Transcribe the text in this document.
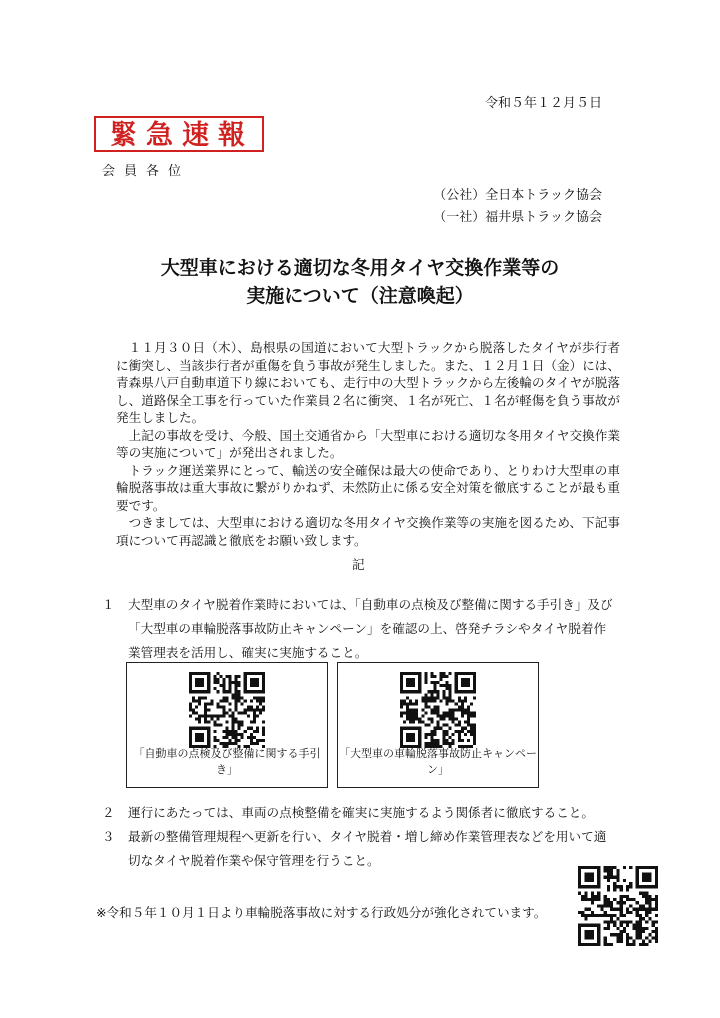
令和５年１２月５日
緊急速報
会員各位
（公社）全日本トラック協会
（一社）福井県トラック協会
大型車における適切な冬用タイヤ交換作業等の
実施について（注意喚起）

１１月３０日（木）、島根県の国道において大型トラックから脱落したタイヤが歩行者に衝突し、当該歩行者が重傷を負う事故が発生しました。また、１２月１日（金）には、青森県八戸自動車道下り線においても、走行中の大型トラックから左後輪のタイヤが脱落し、道路保全工事を行っていた作業員２名に衝突、１名が死亡、１名が軽傷を負う事故が発生しました。

上記の事故を受け、今般、国土交通省から「大型車における適切な冬用タイヤ交換作業等の実施について」が発出されました。

トラック運送業界にとって、輸送の安全確保は最大の使命であり、とりわけ大型車の車輪脱落事故は重大事故に繋がりかねず、未然防止に係る安全対策を徹底することが最も重要です。

つきましては、大型車における適切な冬用タイヤ交換作業等の実施を図るため、下記事項について再認識と徹底をお願い致します。

記
１ 大型車のタイヤ脱着作業時においては、「自動車の点検及び整備に関する手引き」及び「大型車の車輪脱落事故防止キャンペーン」を確認の上、啓発チラシやタイヤ脱着作業管理表を活用し、確実に実施すること。
「自動車の点検及び整備に関する手引き」
「大型車の車輪脱落事故防止キャンペーン」
２ 運行にあたっては、車両の点検整備を確実に実施するよう関係者に徹底すること。
３ 最新の整備管理規程へ更新を行い、タイヤ脱着・増し締め作業管理表などを用いて適切なタイヤ脱着作業や保守管理を行うこと。
※令和５年１０月１日より車輪脱落事故に対する行政処分が強化されています。
